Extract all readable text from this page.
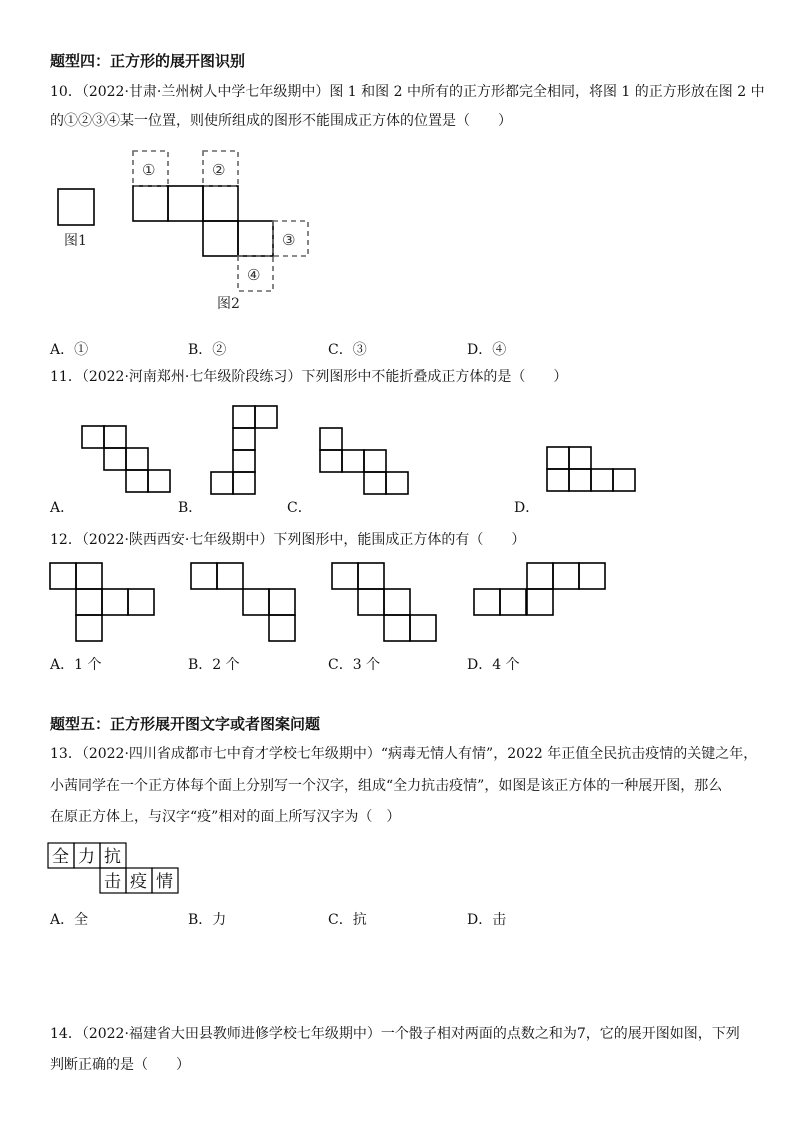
题型四：正方形的展开图识别
10．（2022·甘肃·兰州树人中学七年级期中）图 1 和图 2 中所有的正方形都完全相同，将图 1 的正方形放在图 2 中
的①②③④某一位置，则使所组成的图形不能围成正方体的位置是（　　）
图1
①	②
③
④
图2
A．①	B．②	C．③	D．④
11．（2022·河南郑州·七年级阶段练习）下列图形中不能折叠成正方体的是（　　）
A．	B．	C．	D．
12．（2022·陕西西安·七年级期中）下列图形中，能围成正方体的有（　　）
A．1 个	B．2 个	C．3 个	D．4 个
题型五：正方形展开图文字或者图案问题
13．（2022·四川省成都市七中育才学校七年级期中）“病毒无情人有情”，2022 年正值全民抗击疫情的关键之年，
小茜同学在一个正方体每个面上分别写一个汉字，组成“全力抗击疫情”，如图是该正方体的一种展开图，那么
在原正方体上，与汉字“疫”相对的面上所写汉字为（　）
全 力 抗
击 疫 情
A．全	B．力	C．抗	D．击
14．（2022·福建省大田县教师进修学校七年级期中）一个骰子相对两面的点数之和为7，它的展开图如图，下列
判断正确的是（　　）
